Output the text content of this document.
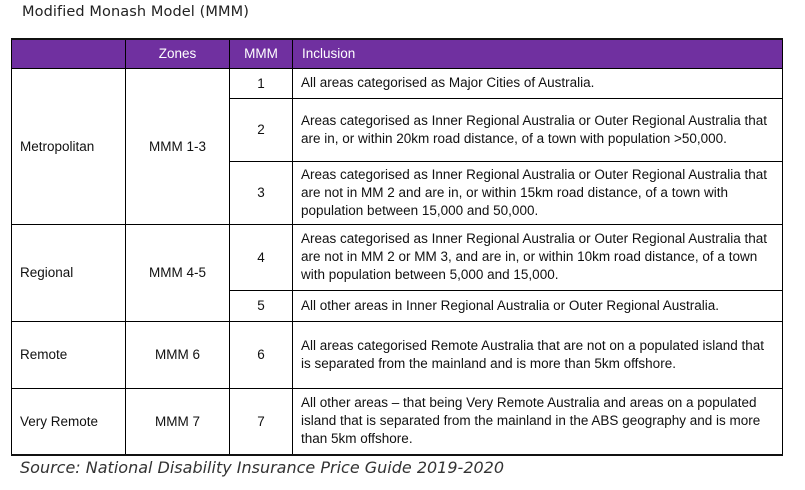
Modified Monash Model (MMM)
	Zones	MMM	Inclusion
Metropolitan	MMM 1-3	1	All areas categorised as Major Cities of Australia.
		2	Areas categorised as Inner Regional Australia or Outer Regional Australia that are in, or within 20km road distance, of a town with population >50,000.
		3	Areas categorised as Inner Regional Australia or Outer Regional Australia that are not in MM 2 and are in, or within 15km road distance, of a town with population between 15,000 and 50,000.
Regional	MMM 4-5	4	Areas categorised as Inner Regional Australia or Outer Regional Australia that are not in MM 2 or MM 3, and are in, or within 10km road distance, of a town with population between 5,000 and 15,000.
		5	All other areas in Inner Regional Australia or Outer Regional Australia.
Remote	MMM 6	6	All areas categorised Remote Australia that are not on a populated island that is separated from the mainland and is more than 5km offshore.
Very Remote	MMM 7	7	All other areas – that being Very Remote Australia and areas on a populated island that is separated from the mainland in the ABS geography and is more than 5km offshore.
Source: National Disability Insurance Price Guide 2019-2020
